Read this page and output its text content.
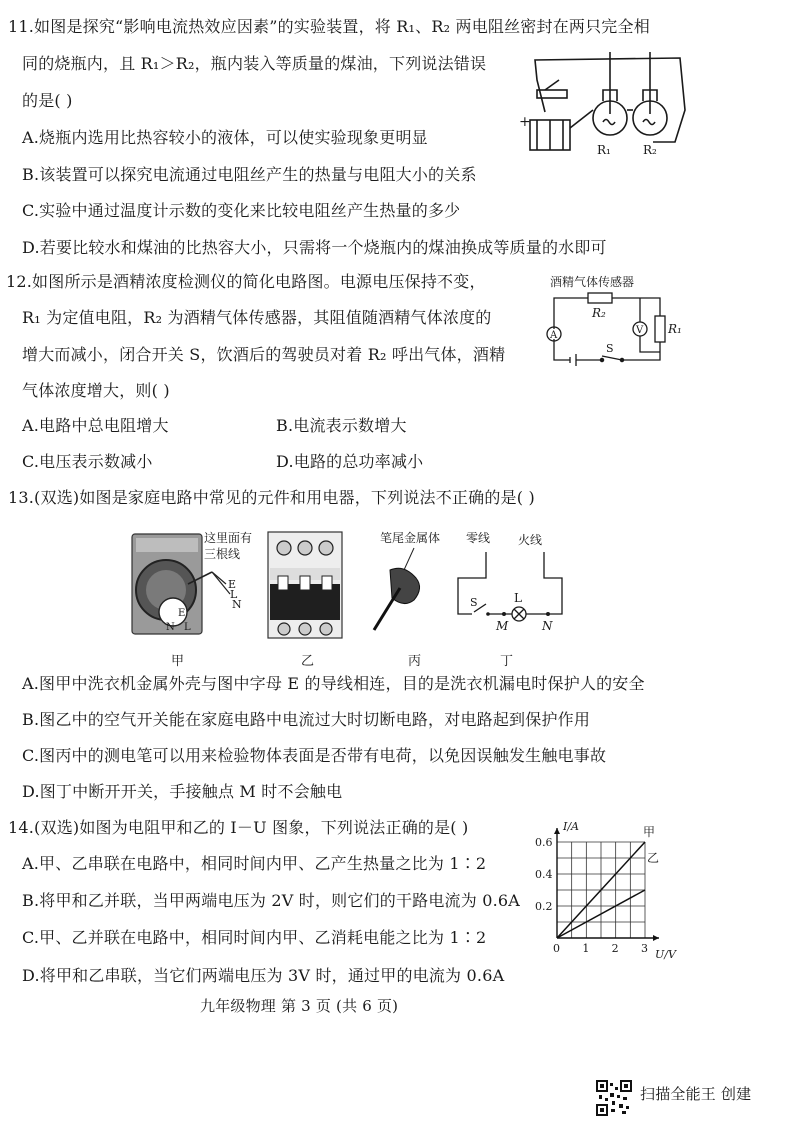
11.如图是探究“影响电流热效应因素”的实验装置，将 R₁、R₂ 两电阻丝密封在两只完全相
同的烧瓶内，且 R₁＞R₂，瓶内装入等质量的煤油，下列说法错误
的是( )
A.烧瓶内选用比热容较小的液体，可以使实验现象更明显
B.该装置可以探究电流通过电阻丝产生的热量与电阻大小的关系
C.实验中通过温度计示数的变化来比较电阻丝产生热量的多少
D.若要比较水和煤油的比热容大小，只需将一个烧瓶内的煤油换成等质量的水即可
+
R₁	R₂
12.如图所示是酒精浓度检测仪的简化电路图。电源电压保持不变，
R₁ 为定值电阻，R₂ 为酒精气体传感器，其阻值随酒精气体浓度的
增大而减小，闭合开关 S，饮酒后的驾驶员对着 R₂ 呼出气体，酒精
气体浓度增大，则( )
A.电路中总电阻增大	B.电流表示数增大
C.电压表示数减小	D.电路的总功率减小
酒精气体传感器
R₂
R₁
A	V
S
13.(双选)如图是家庭电路中常见的元件和用电器，下列说法不正确的是( )
这里面有
三根线
E
L
N
E
N L
笔尾金属体 零线 火线
S	L
M	N
甲	乙	丙	丁
A.图甲中洗衣机金属外壳与图中字母 E 的导线相连，目的是洗衣机漏电时保护人的安全
B.图乙中的空气开关能在家庭电路中电流过大时切断电路，对电路起到保护作用
C.图丙中的测电笔可以用来检验物体表面是否带有电荷，以免因误触发生触电事故
D.图丁中断开开关，手接触点 M 时不会触电
14.(双选)如图为电阻甲和乙的 I－U 图象，下列说法正确的是( )
A.甲、乙串联在电路中，相同时间内甲、乙产生热量之比为 1∶2
B.将甲和乙并联，当甲两端电压为 2V 时，则它们的干路电流为 0.6A
C.甲、乙并联在电路中，相同时间内甲、乙消耗电能之比为 1∶2
D.将甲和乙串联，当它们两端电压为 3V 时，通过甲的电流为 0.6A
甲
乙
0 1 2 3
0.2
0.4
0.6
U/V
I/A
九年级物理 第 3 页 (共 6 页)
扫描全能王 创建
